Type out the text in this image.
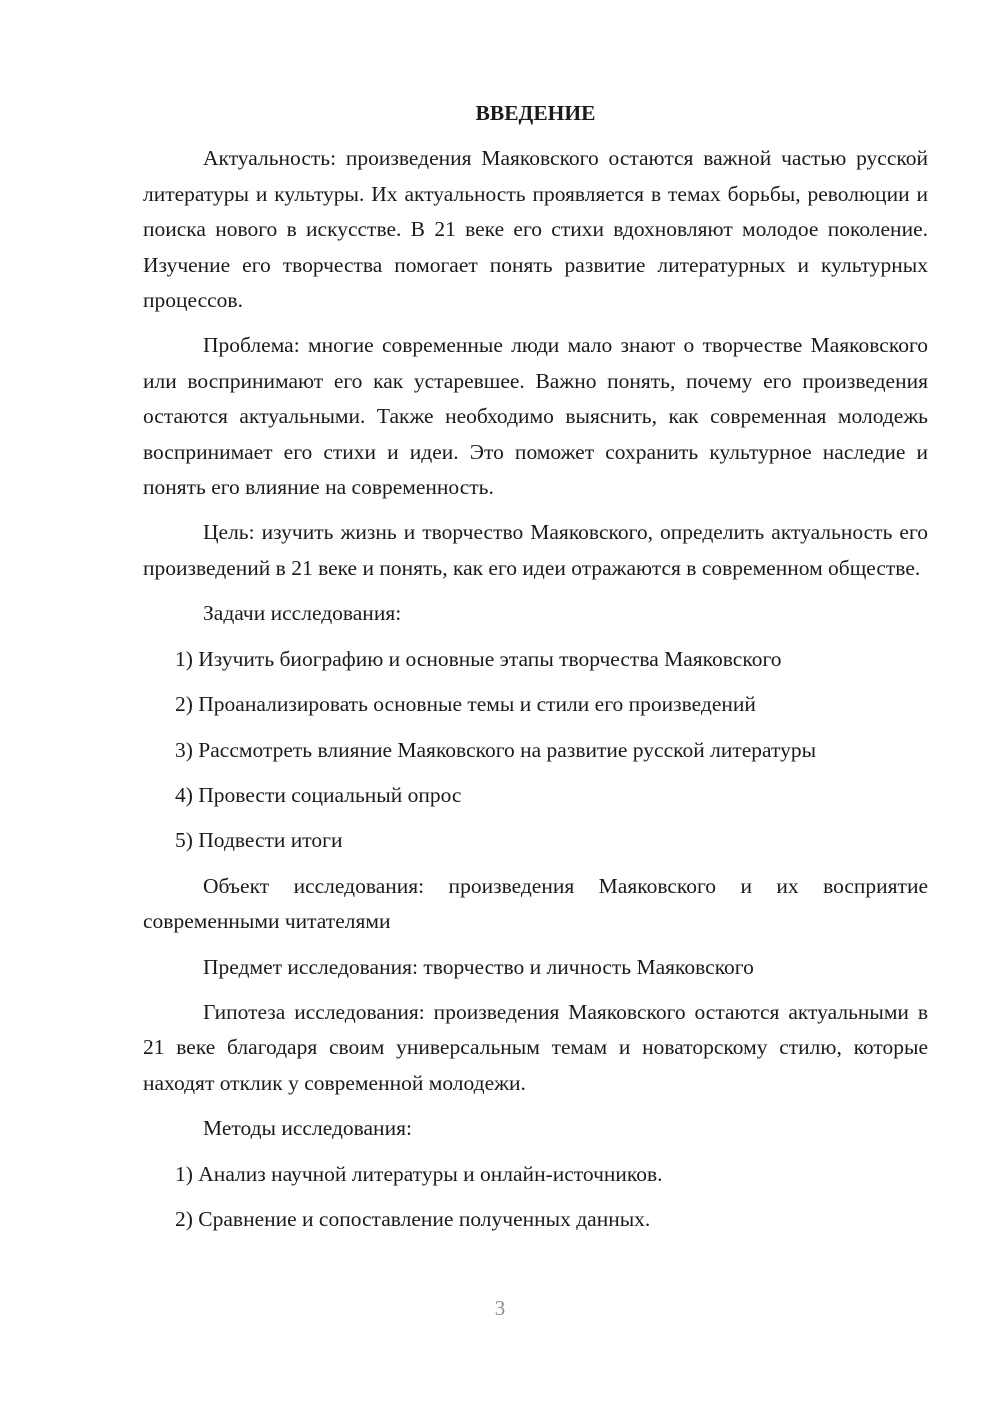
ВВЕДЕНИЕ

Актуальность: произведения Маяковского остаются важной частью русской литературы и культуры. Их актуальность проявляется в темах борьбы, революции и поиска нового в искусстве. В 21 веке его стихи вдохновляют молодое поколение. Изучение его творчества помогает понять развитие литературных и культурных процессов.

Проблема: многие современные люди мало знают о творчестве Маяковского или воспринимают его как устаревшее. Важно понять, почему его произведения остаются актуальными. Также необходимо выяснить, как современная молодежь воспринимает его стихи и идеи. Это поможет сохранить культурное наследие и понять его влияние на современность.

Цель: изучить жизнь и творчество Маяковского, определить актуальность его произведений в 21 веке и понять, как его идеи отражаются в современном обществе.

Задачи исследования:

1) Изучить биографию и основные этапы творчества Маяковского
2) Проанализировать основные темы и стили его произведений
3) Рассмотреть влияние Маяковского на развитие русской литературы
4) Провести социальный опрос
5) Подвести итоги

Объект исследования: произведения Маяковского и их восприятие современными читателями

Предмет исследования: творчество и личность Маяковского

Гипотеза исследования: произведения Маяковского остаются актуальными в 21 веке благодаря своим универсальным темам и новаторскому стилю, которые находят отклик у современной молодежи.

Методы исследования:

1) Анализ научной литературы и онлайн-источников.
2) Сравнение и сопоставление полученных данных.
3
